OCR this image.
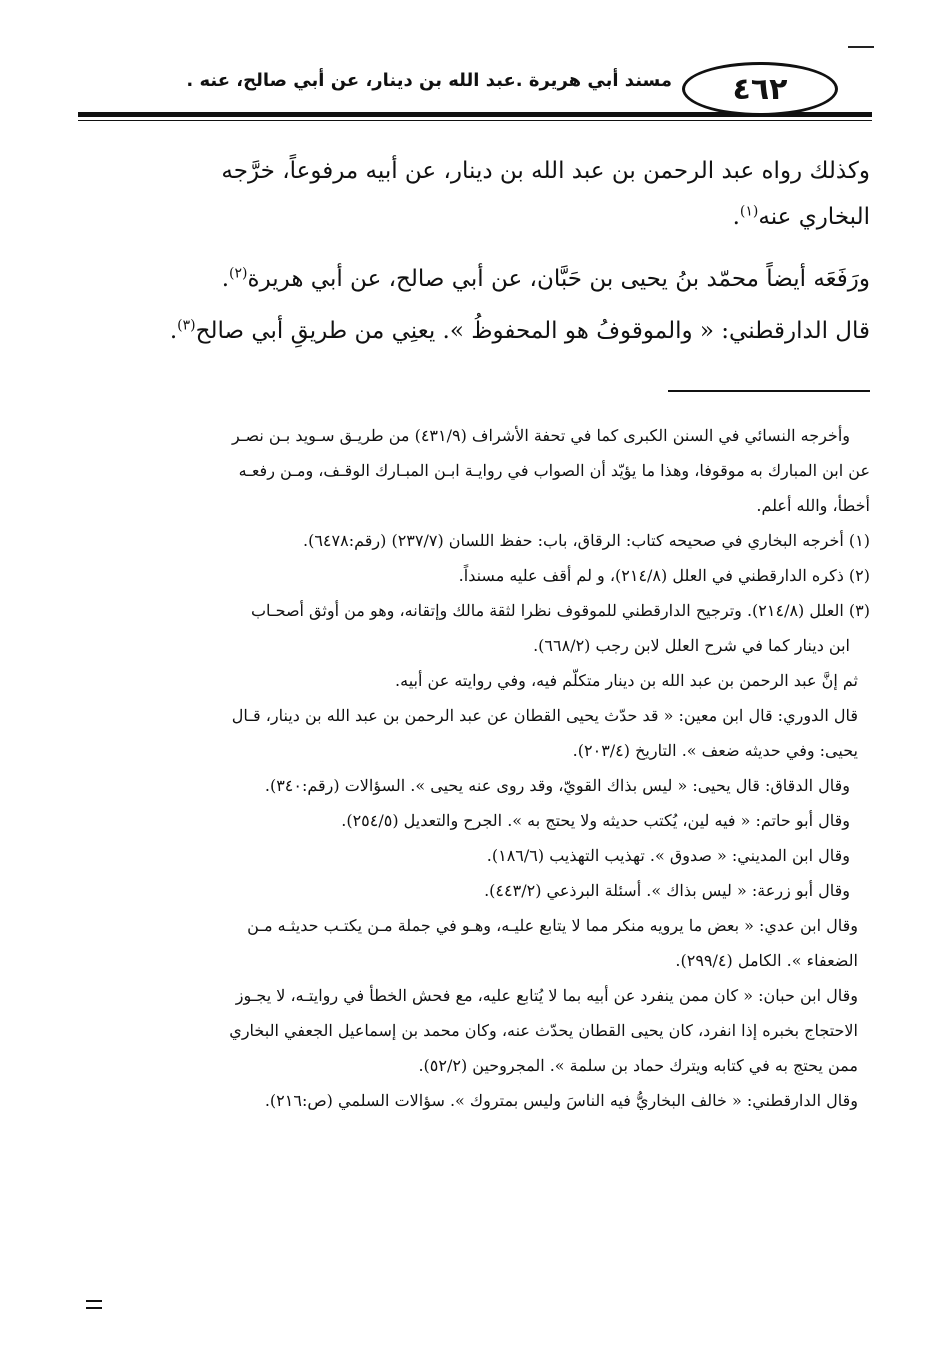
مسند أبي هريرة .عبد الله بن دينار، عن أبي صالح، عنه .	٤٦٢

وكذلك رواه عبد الرحمن بن عبد الله بن دينار، عن أبيه مرفوعاً، خرَّجه

البخاري عنه$^{(١)}$.

ورَفَعَه أيضاً محمّد بنُ يحيى بن حَبَّان، عن أبي صالح، عن أبي هريرة$^{(٢)}$.

قال الدارقطني: « والموقوفُ هو المحفوظُ ». يعنِي من طريقِ أبي صالح$^{(٣)}$.

وأخرجه النسائي في السنن الكبرى كما في تحفة الأشراف (٤٣١/٩) من طريـق سـويد بـن نصـر

عن ابن المبارك به موقوفا، وهذا ما يؤيّد أن الصواب في روايـة ابـن المبـارك الوقـف، ومـن رفعـه

أخطأ، والله أعلم.

(١) أخرجه البخاري في صحيحه كتاب: الرقاق، باب: حفظ اللسان (٢٣٧/٧) (رقم:٦٤٧٨).

(٢) ذكره الدارقطني في العلل (٢١٤/٨)، و لم أقف عليه مسنداً.

(٣) العلل (٢١٤/٨). وترجيح الدارقطني للموقوف نظرا لثقة مالك وإتقانه، وهو من أوثق أصحـاب

ابن دينار كما في شرح العلل لابن رجب (٦٦٨/٢).

ثم إنَّ عبد الرحمن بن عبد الله بن دينار متكلّم فيه، وفي روايته عن أبيه.

قال الدوري: قال ابن معين: « قد حدّث يحيى القطان عن عبد الرحمن بن عبد الله بن دينار، قـال

يحيى: وفي حديثه ضعف ». التاريخ (٢٠٣/٤).

وقال الدقاق: قال يحيى: « ليس بذاك القويّ، وقد روى عنه يحيى ». السؤالات (رقم:٣٤٠).

وقال أبو حاتم: « فيه لين، يُكتب حديثه ولا يحتج به ». الجرح والتعديل (٢٥٤/٥).

وقال ابن المديني: « صدوق ». تهذيب التهذيب (١٨٦/٦).

وقال أبو زرعة: « ليس بذاك ». أسئلة البرذعي (٤٤٣/٢).

وقال ابن عدي: « بعض ما يرويه منكر مما لا يتابع عليـه، وهـو في جملة مـن يكتـب حديثـه مـن

الضعفاء ». الكامل (٢٩٩/٤).

وقال ابن حبان: « كان ممن ينفرد عن أبيه بما لا يُتابع عليه، مع فحش الخطأ في روايتـه، لا يجـوز

الاحتجاج بخبره إذا انفرد، كان يحيى القطان يحدّث عنه، وكان محمد بن إسماعيل الجعفي البخاري

ممن يحتج به في كتابه ويترك حماد بن سلمة ». المجروحين (٥٢/٢).

وقال الدارقطني: « خالف البخاريُّ فيه الناسَ وليس بمتروك ». سؤالات السلمي (ص:٢١٦).
